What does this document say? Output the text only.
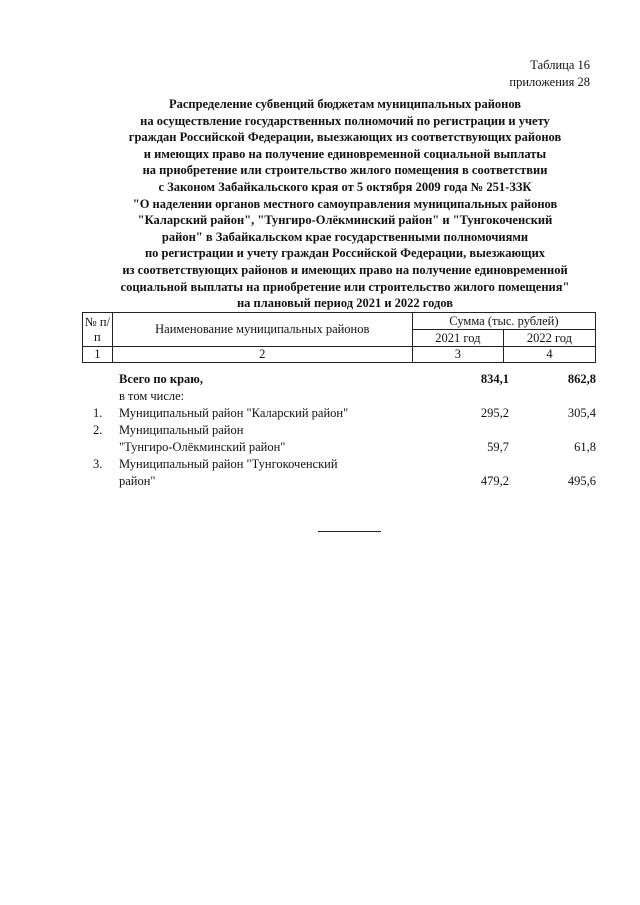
Таблица 16
приложения 28
Распределение субвенций бюджетам муниципальных районов
на осуществление государственных полномочий по регистрации и учету
граждан Российской Федерации, выезжающих из соответствующих районов
и имеющих право на получение единовременной социальной выплаты
на приобретение или строительство жилого помещения в соответствии
с Законом Забайкальского края от 5 октября 2009 года № 251-ЗЗК
"О наделении органов местного самоуправления муниципальных районов
"Каларский район", "Тунгиро-Олёкминский район" и "Тунгокоченский
район" в Забайкальском крае государственными полномочиями
по регистрации и учету граждан Российской Федерации, выезжающих
из соответствующих районов и имеющих право на получение единовременной
социальной выплаты на приобретение или строительство жилого помещения"
на плановый период 2021 и 2022 годов
№ п/п	Наименование муниципальных районов	Сумма (тыс. рублей)	
		2021 год	2022 год
1	2	3	4
Всего по краю,	834,1	862,8
в том числе:
1. Муниципальный район "Каларский район"	295,2	305,4
2. Муниципальный район
"Тунгиро-Олёкминский район"	59,7	61,8
3. Муниципальный район "Тунгокоченский
район"	479,2	495,6
